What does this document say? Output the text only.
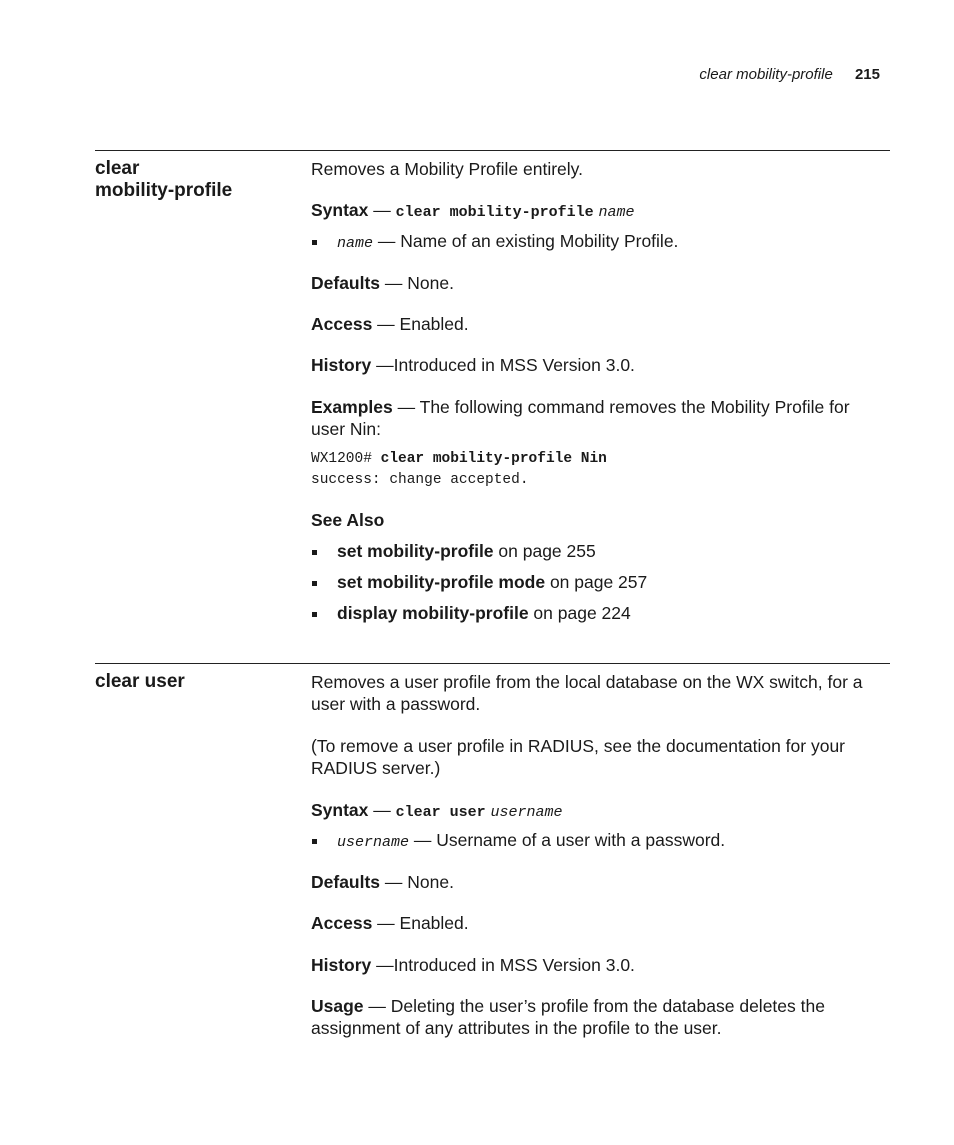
clear mobility-profile 215
clear
mobility-profile

Removes a Mobility Profile entirely.

Syntax — clear mobility-profile name

name — Name of an existing Mobility Profile.

Defaults — None.

Access — Enabled.

History —Introduced in MSS Version 3.0.

Examples — The following command removes the Mobility Profile for user Nin:

WX1200# clear mobility-profile Nin
success: change accepted.

See Also

set mobility-profile on page 255

set mobility-profile mode on page 257

display mobility-profile on page 224

clear user	Removes a user profile from the local database on the WX switch, for a user with a password.

(To remove a user profile in RADIUS, see the documentation for your RADIUS server.)

Syntax — clear user username

username — Username of a user with a password.

Defaults — None.

Access — Enabled.

History —Introduced in MSS Version 3.0.

Usage — Deleting the user’s profile from the database deletes the assignment of any attributes in the profile to the user.
